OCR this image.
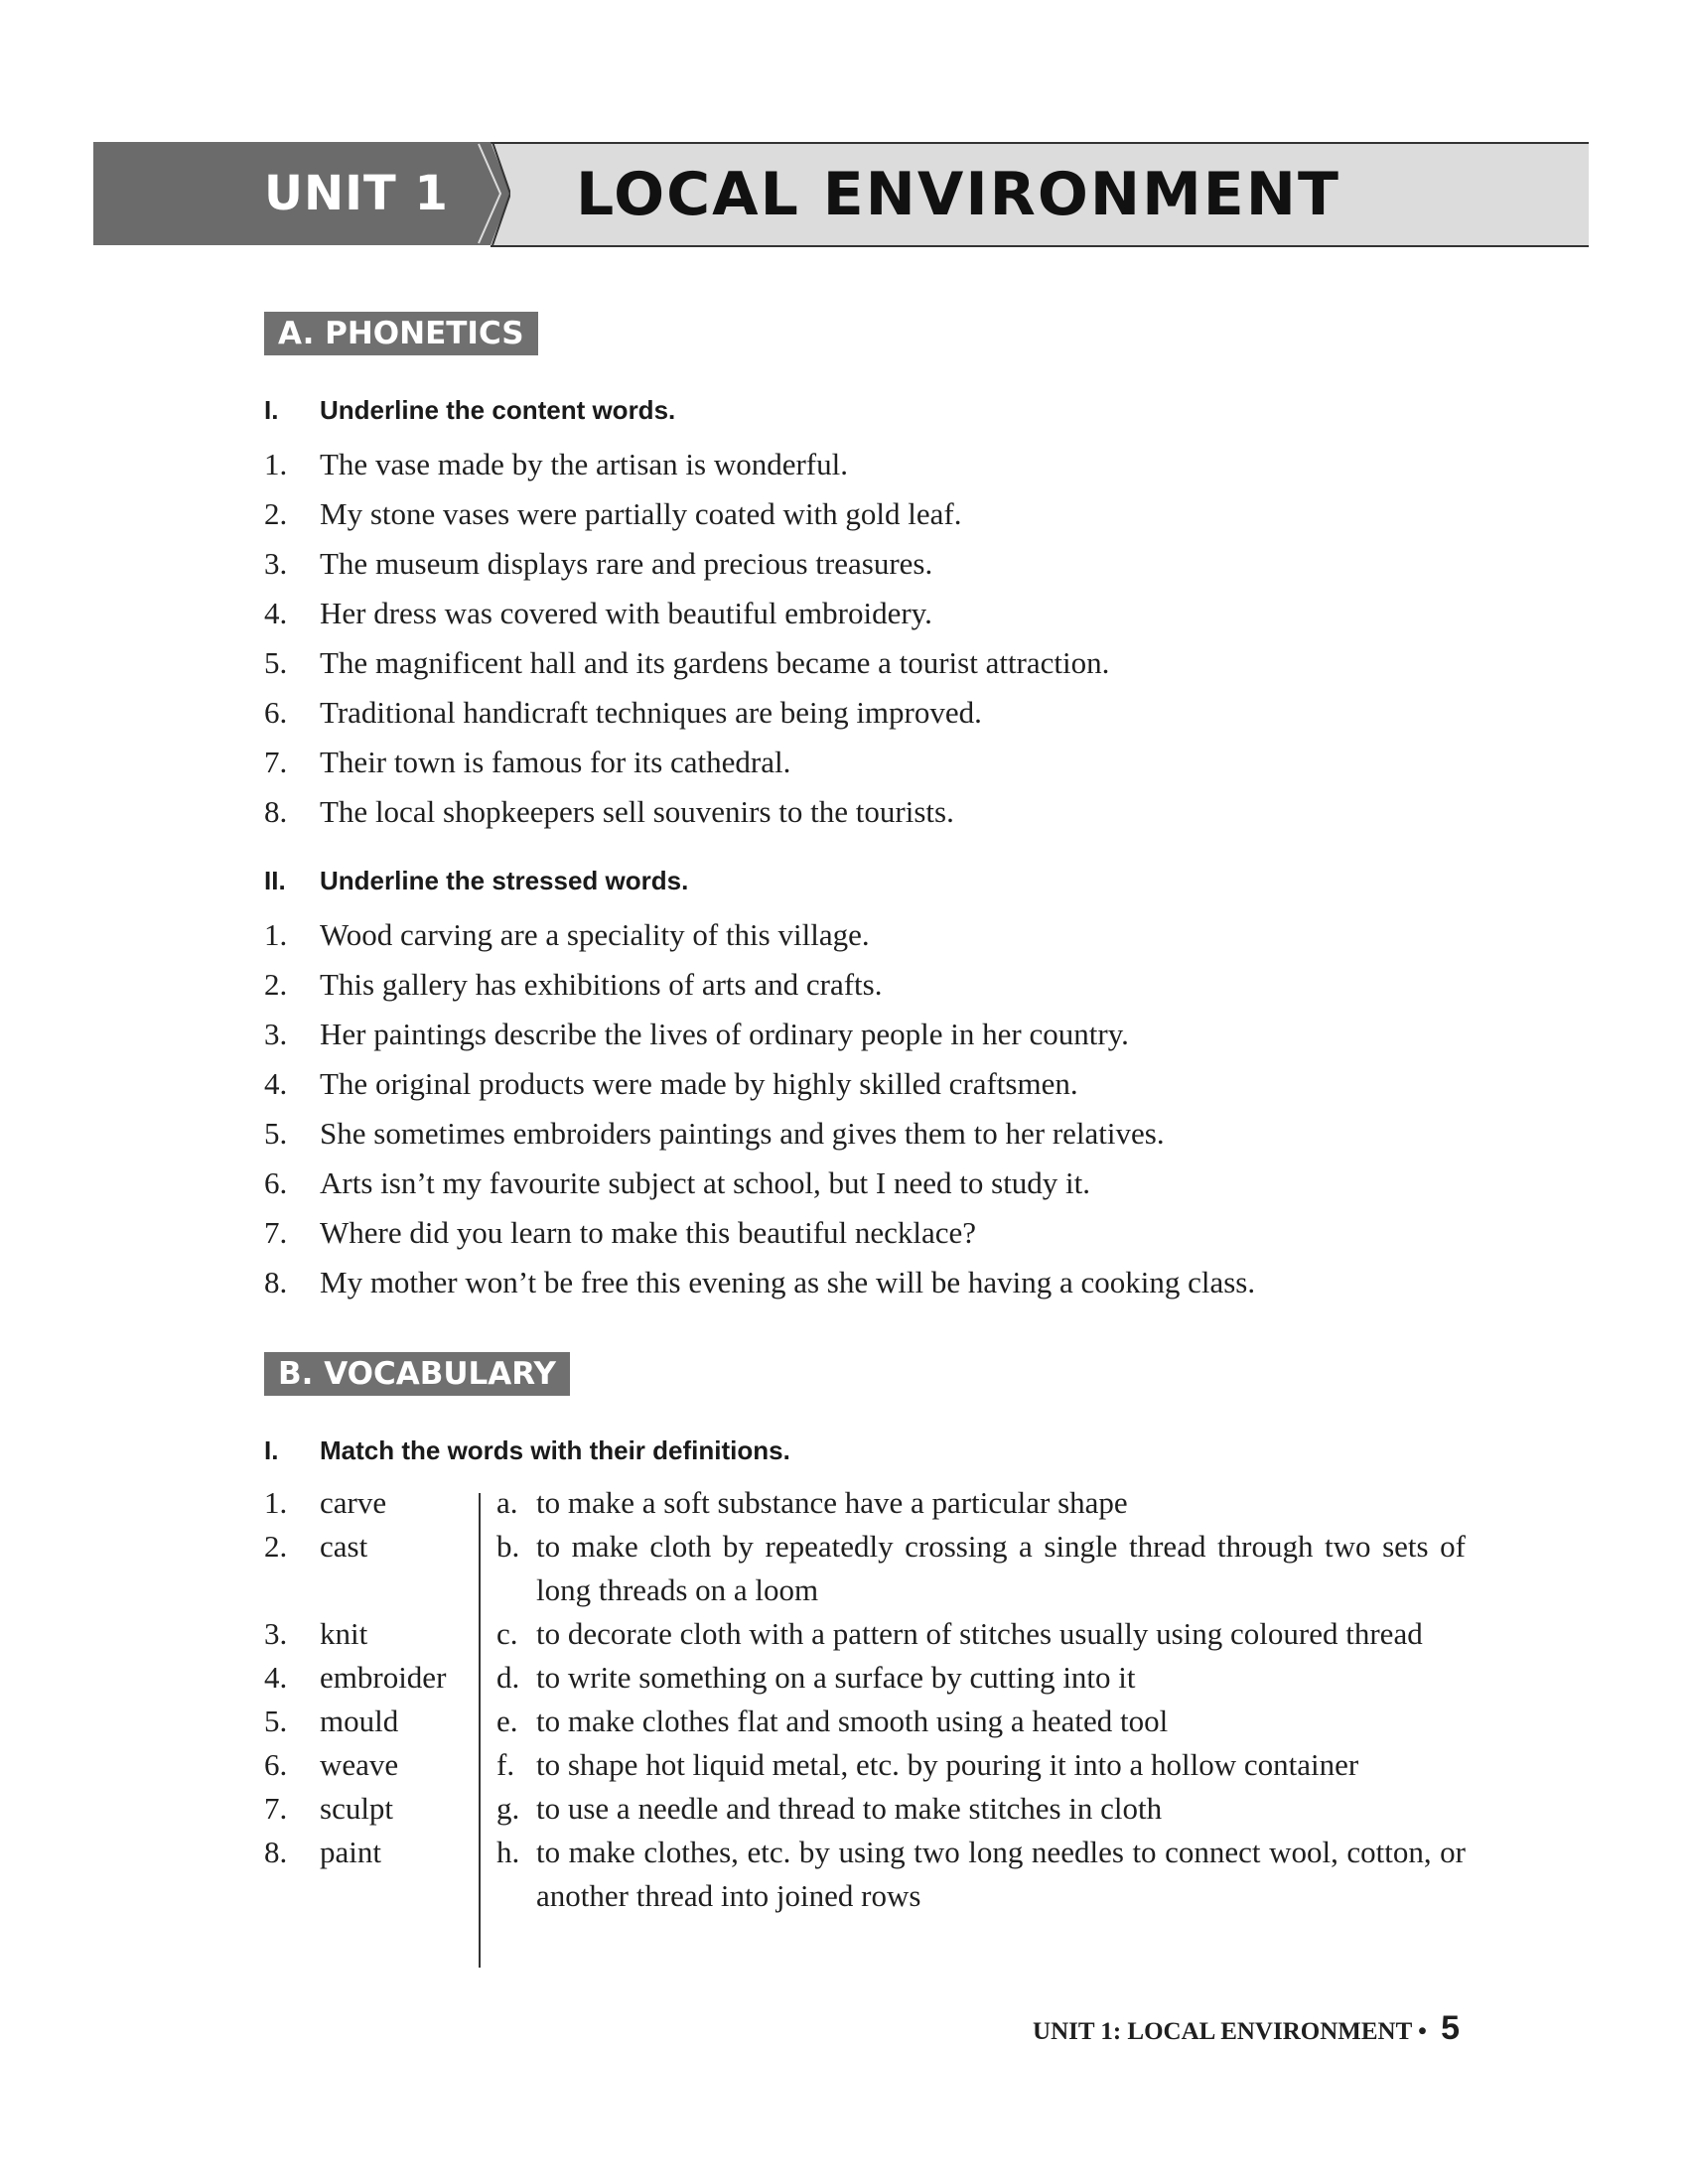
UNIT 1 LOCAL ENVIRONMENT
A. PHONETICS
I. Underline the content words.
1. The vase made by the artisan is wonderful.
2. My stone vases were partially coated with gold leaf.
3. The museum displays rare and precious treasures.
4. Her dress was covered with beautiful embroidery.
5. The magnificent hall and its gardens became a tourist attraction.
6. Traditional handicraft techniques are being improved.
7. Their town is famous for its cathedral.
8. The local shopkeepers sell souvenirs to the tourists.
II. Underline the stressed words.
1. Wood carving are a speciality of this village.
2. This gallery has exhibitions of arts and crafts.
3. Her paintings describe the lives of ordinary people in her country.
4. The original products were made by highly skilled craftsmen.
5. She sometimes embroiders paintings and gives them to her relatives.
6. Arts isn’t my favourite subject at school, but I need to study it.
7. Where did you learn to make this beautiful necklace?
8. My mother won’t be free this evening as she will be having a cooking class.
B. VOCABULARY
I. Match the words with their definitions.
1. carve
2. cast
3. knit
4. embroider
5. mould
6. weave
7. sculpt
8. paint
a. to make a soft substance have a particular shape
b. to make cloth by repeatedly crossing a single thread through two sets of long threads on a loom
c. to decorate cloth with a pattern of stitches usually using coloured thread
d. to write something on a surface by cutting into it
e. to make clothes flat and smooth using a heated tool
f. to shape hot liquid metal, etc. by pouring it into a hollow container
g. to use a needle and thread to make stitches in cloth
h. to make clothes, etc. by using two long needles to connect wool, cotton, or another thread into joined rows
UNIT 1: LOCAL ENVIRONMENT • 5
